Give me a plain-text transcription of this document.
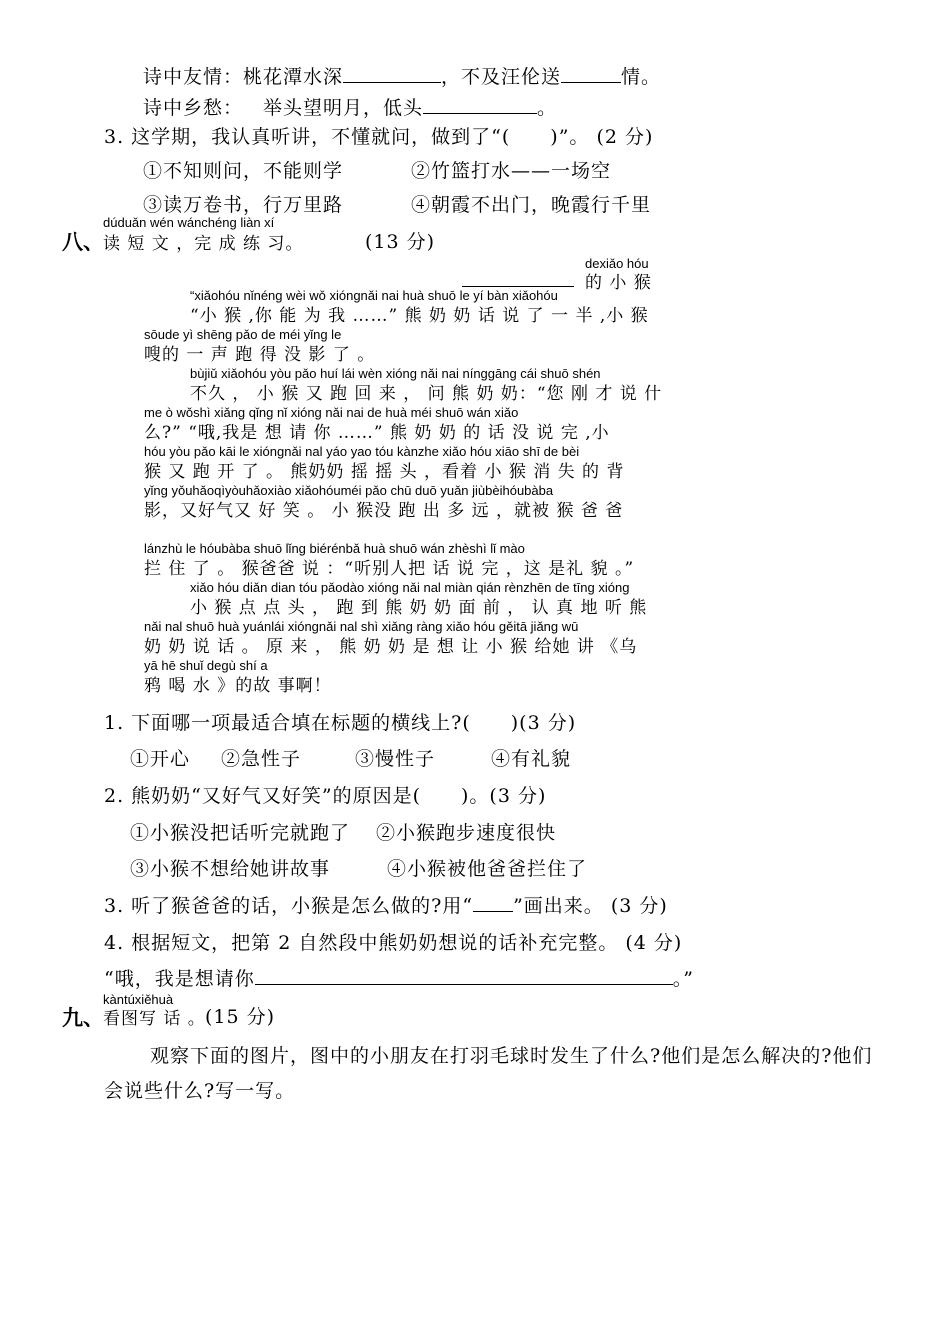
诗中友情：桃花潭水深	，不及汪伦送	情。
诗中乡愁： 举头望明月，低头	。
3. 这学期，我认真听讲，不懂就问，做到了“(　　)”。 (2 分)
①不知则问，不能则学	②竹篮打水——一场空
③读万卷书，行万里路	④朝霞不出门，晚霞行千里
八、
dúduǎn wén wánchéng liàn xí
读 短 文 ，完 成 练 习。	(13 分)
dexiǎo hóu
的 小 猴
“xiǎohóu nǐnéng wèi wǒ xióngnǎi nai huà shuō le yí bàn xiǎohóu
“小 猴 ,你 能 为 我 ……” 熊 奶 奶 话 说 了 一 半 ,小 猴
sōude yì shēng pǎo de méi yǐng le
嗖的 一 声 跑 得 没 影 了 。
bùjiǔ xiǎohóu yòu pǎo huí lái wèn xióng nǎi nai nínggāng cái shuō shén
不久 ， 小 猴 又 跑 回 来 ， 问 熊 奶 奶：“您 刚 才 说 什
me ò wǒshì xiǎng qǐng nǐ xióng nǎi nai de huà méi shuō wán xiǎo
么?” “哦,我是 想 请 你 ……” 熊 奶 奶 的 话 没 说 完 ,小
hóu yòu pǎo kāi le xióngnǎi nal yáo yao tóu kànzhe xiǎo hóu xiāo shī de bèi
猴 又 跑 开 了 。 熊奶奶 摇 摇 头 ，看着 小 猴 消 失 的 背
yǐng yǒuhǎoqìyòuhǎoxiào xiǎohóuméi pǎo chū duō yuǎn jiùbèihóubàba
影，又好气又 好 笑 。 小 猴没 跑 出 多 远 ，就被 猴 爸 爸
lánzhù le hóubàba shuō lǐng biérénbǎ huà shuō wán zhèshì lǐ mào
拦 住 了 。 猴爸爸 说 ：“听别人把 话 说 完 ，这 是礼 貌 。”
xiǎo hóu diǎn dian tóu pǎodào xióng nǎi nal miàn qián rènzhēn de tīng xióng
小 猴 点 点 头 ， 跑 到 熊 奶 奶 面 前 ， 认 真 地 听 熊
nǎi nal shuō huà yuánlái xióngnǎi nal shì xiǎng ràng xiǎo hóu gěitā jiǎng wū
奶 奶 说 话 。 原 来 ， 熊 奶 奶 是 想 让 小 猴 给她 讲 《乌
yā hē shuǐ degù shí a
鸦 喝 水 》的故 事啊！
1. 下面哪一项最适合填在标题的横线上?(　　)(3 分)
①开心 ②急性子	③慢性子	④有礼貌
2. 熊奶奶“又好气又好笑”的原因是(　　)。(3 分)
①小猴没把话听完就跑了 ②小猴跑步速度很快
③小猴不想给她讲故事	④小猴被他爸爸拦住了
3. 听了猴爸爸的话，小猴是怎么做的?用“ ”画出来。 (3 分)
4. 根据短文，把第 2 自然段中熊奶奶想说的话补充完整。 (4 分)
“哦，我是想请你	。”
九、
kàntúxiěhuà
看图写 话 。 (15 分)
观察下面的图片，图中的小朋友在打羽毛球时发生了什么?他们是怎么解决的?他们
会说些什么?写一写。
